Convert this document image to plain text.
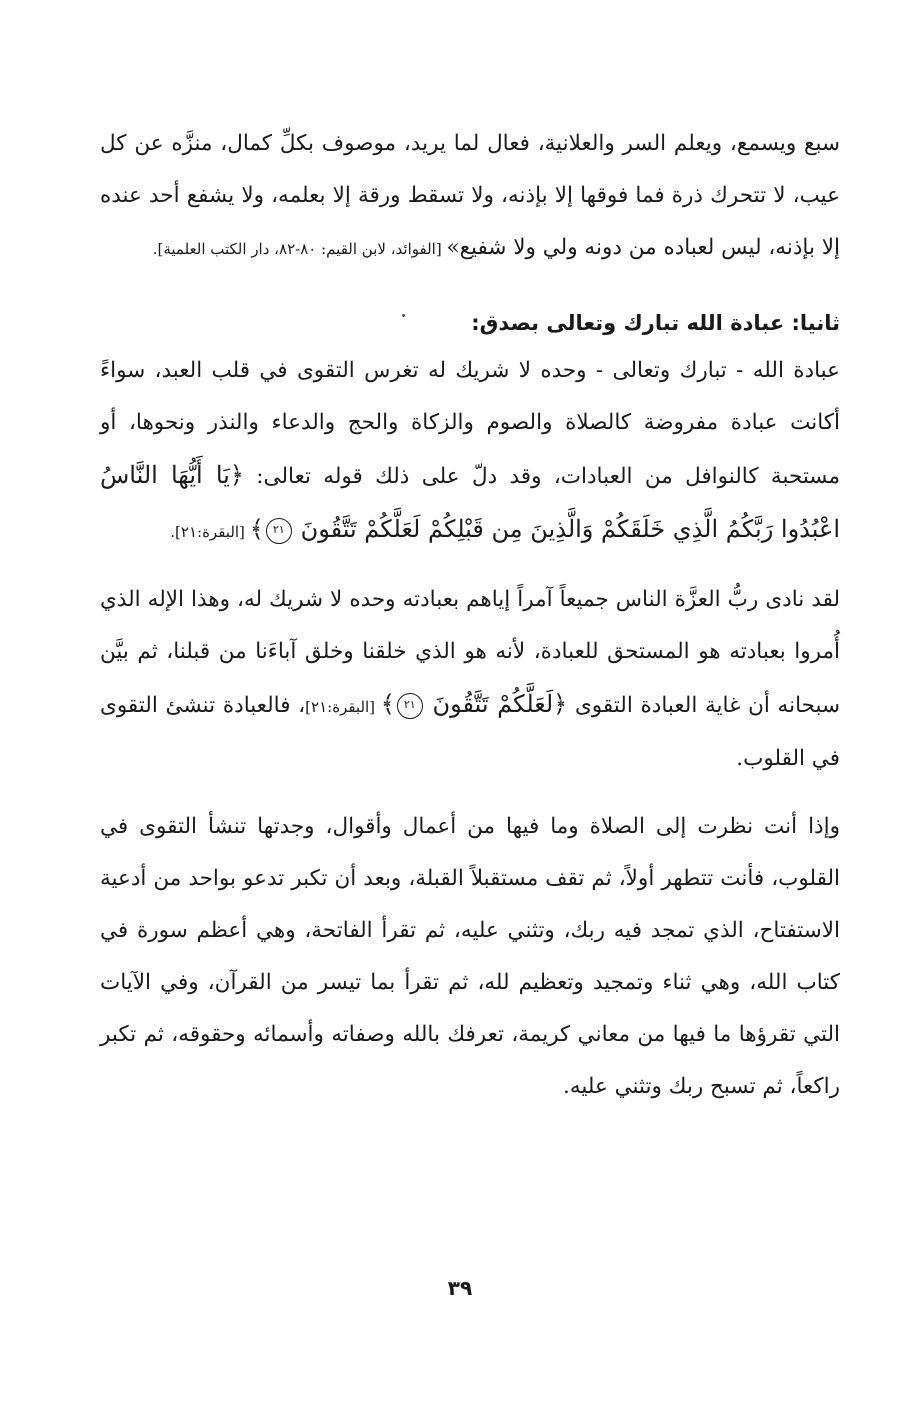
سبع ويسمع، ويعلم السر والعلانية، فعال لما يريد، موصوف بكلِّ كمال، منزَّه عن كل عيب، لا تتحرك ذرة فما فوقها إلا بإذنه، ولا تسقط ورقة إلا بعلمه، ولا يشفع أحد عنده إلا بإذنه، ليس لعباده من دونه ولي ولا شفيع» [الفوائد، لابن القيم: ٨٠-٨٢، دار الكتب العلمية].

ثانيا: عبادة الله تبارك وتعالى بصدق:

عبادة الله - تبارك وتعالى - وحده لا شريك له تغرس التقوى في قلب العبد، سواءً أكانت عبادة مفروضة كالصلاة والصوم والزكاة والحج والدعاء والنذر ونحوها، أو مستحبة كالنوافل من العبادات، وقد دلّ على ذلك قوله تعالى: ﴿يَا أَيُّهَا النَّاسُ اعْبُدُوا رَبَّكُمُ الَّذِي خَلَقَكُمْ وَالَّذِينَ مِن قَبْلِكُمْ لَعَلَّكُمْ تَتَّقُونَ ٢١﴾ [البقرة:٢١].

لقد نادى ربُّ العزَّة الناس جميعاً آمراً إياهم بعبادته وحده لا شريك له، وهذا الإله الذي أُمروا بعبادته هو المستحق للعبادة، لأنه هو الذي خلقنا وخلق آباءَنا من قبلنا، ثم بيَّن سبحانه أن غاية العبادة التقوى ﴿لَعَلَّكُمْ تَتَّقُونَ ٢١﴾ [البقرة:٢١]، فالعبادة تنشئ التقوى في القلوب.

وإذا أنت نظرت إلى الصلاة وما فيها من أعمال وأقوال، وجدتها تنشأ التقوى في القلوب، فأنت تتطهر أولاً، ثم تقف مستقبلاً القبلة، وبعد أن تكبر تدعو بواحد من أدعية الاستفتاح، الذي تمجد فيه ربك، وتثني عليه، ثم تقرأ الفاتحة، وهي أعظم سورة في كتاب الله، وهي ثناء وتمجيد وتعظيم لله، ثم تقرأ بما تيسر من القرآن، وفي الآيات التي تقرؤها ما فيها من معاني كريمة، تعرفك بالله وصفاته وأسمائه وحقوقه، ثم تكبر راكعاً، ثم تسبح ربك وتثني عليه.

٣٩
